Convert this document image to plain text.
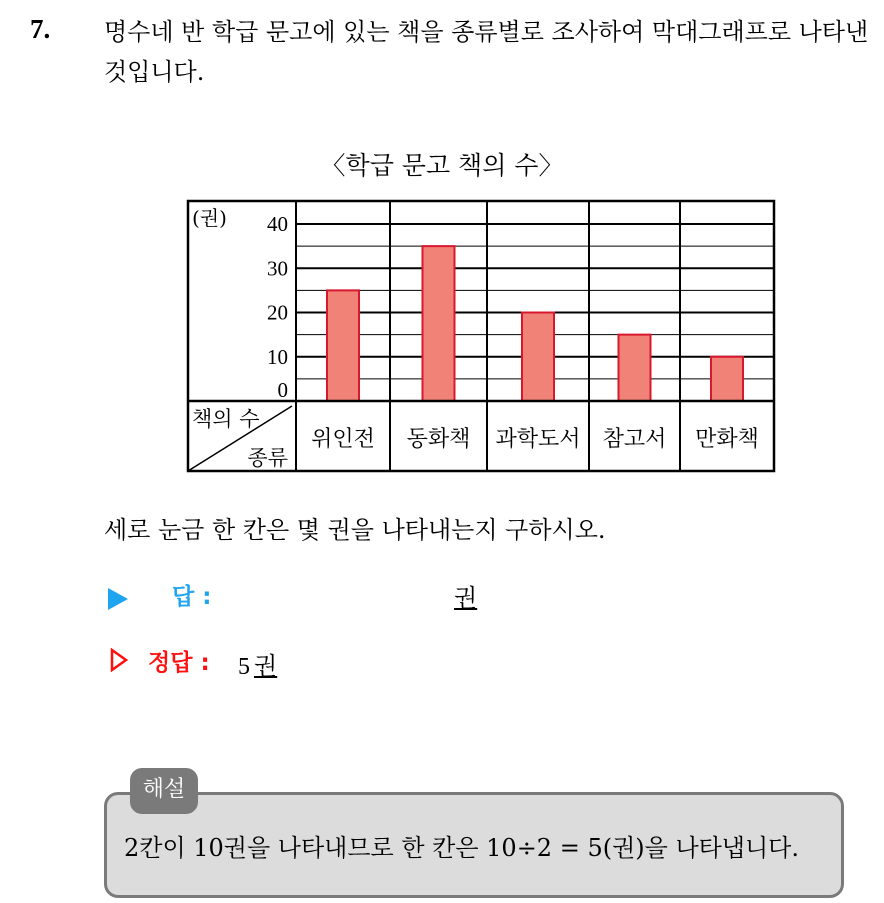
7. 명수네 반 학급 문고에 있는 책을 종류별로 조사하여 막대그래프로 나타낸 것입니다.
〈학급 문고 책의 수〉
(권)
0
10
20
30
40
책의 수
종류
위인전 동화책 과학도서 참고서 만화책
세로 눈금 한 칸은 몇 권을 나타내는지 구하시오.
답 :	권
정답 : 5 권
해설
2칸이 10권을 나타내므로 한 칸은 10÷2 = 5(권)을 나타냅니다.
